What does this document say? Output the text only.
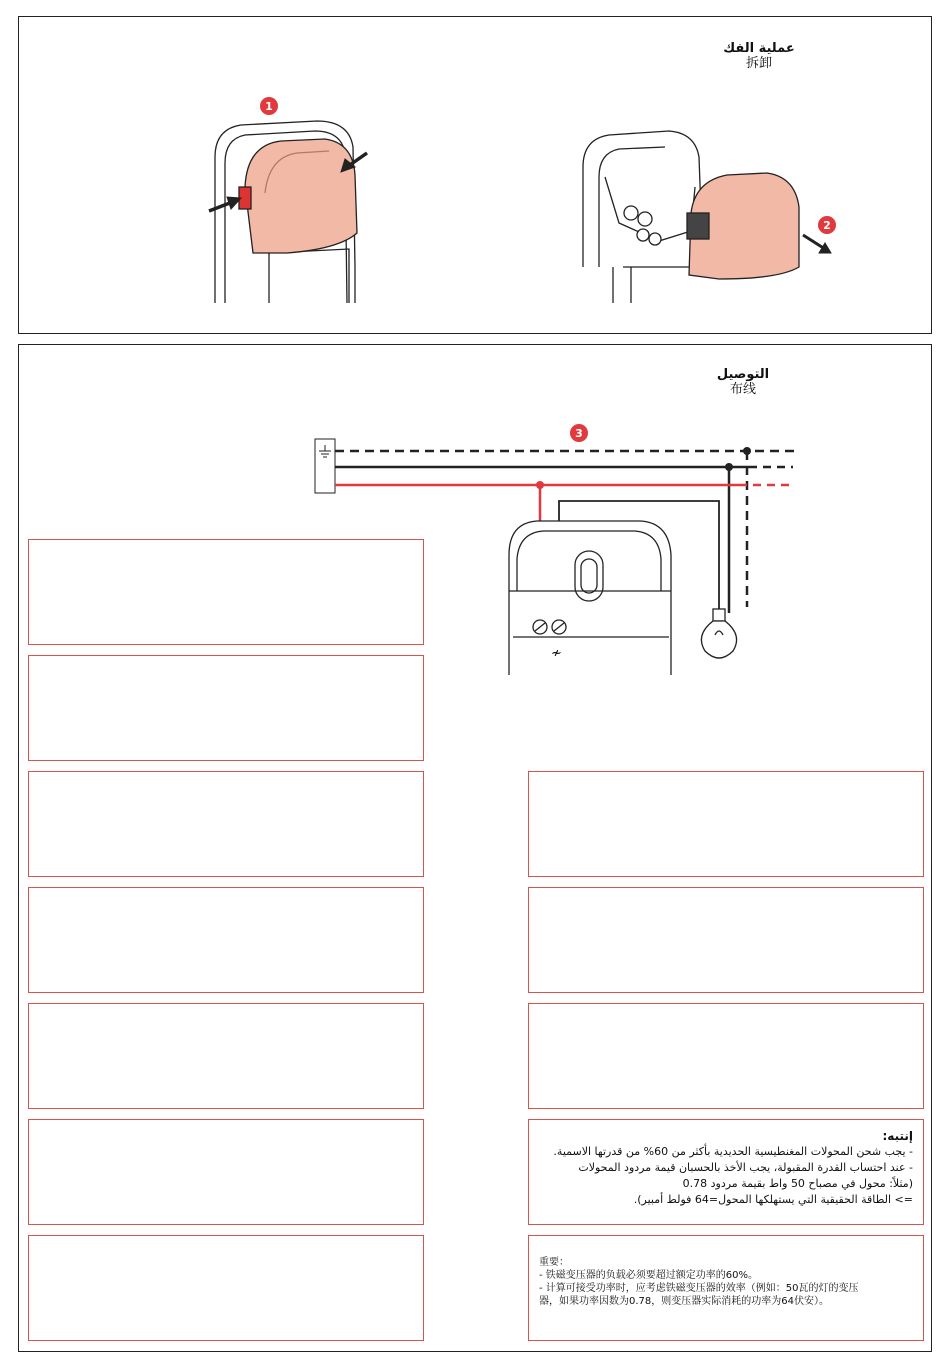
عملية الفك
拆卸
1
2
التوصيل
布线
≁
3
إنتبه:
- يجب شحن المحولات المغنطيسية الحديدية بأكثر من 60% من قدرتها الاسمية.
- عند احتساب القدرة المقبولة، يجب الأخذ بالحسبان قيمة مردود المحولات
(مثلاً: محول في مصباح 50 واط بقيمة مردود 0.78
=> الطاقة الحقيقية التي يستهلكها المحول=64 فولط أمبير).
重要：
- 铁磁变压器的负载必须要超过额定功率的60%。
- 计算可接受功率时，应考虑铁磁变压器的效率（例如：50瓦的灯的变压
器，如果功率因数为0.78，则变压器实际消耗的功率为64伏安）。
